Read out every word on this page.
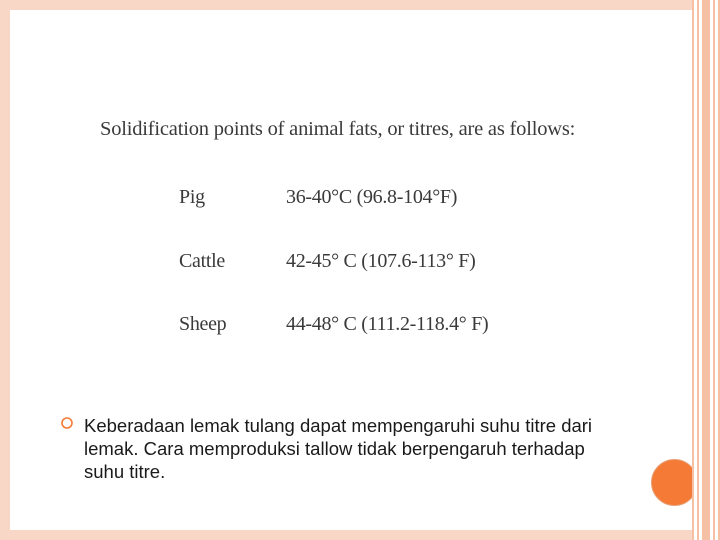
Solidification points of animal fats, or titres, are as follows:
Pig	36-40°C (96.8-104°F)
Cattle	42-45° C (107.6-113° F)
Sheep	44-48° C (111.2-118.4° F)

Keberadaan lemak tulang dapat mempengaruhi suhu titre dari lemak. Cara memproduksi tallow tidak berpengaruh terhadap suhu titre.
